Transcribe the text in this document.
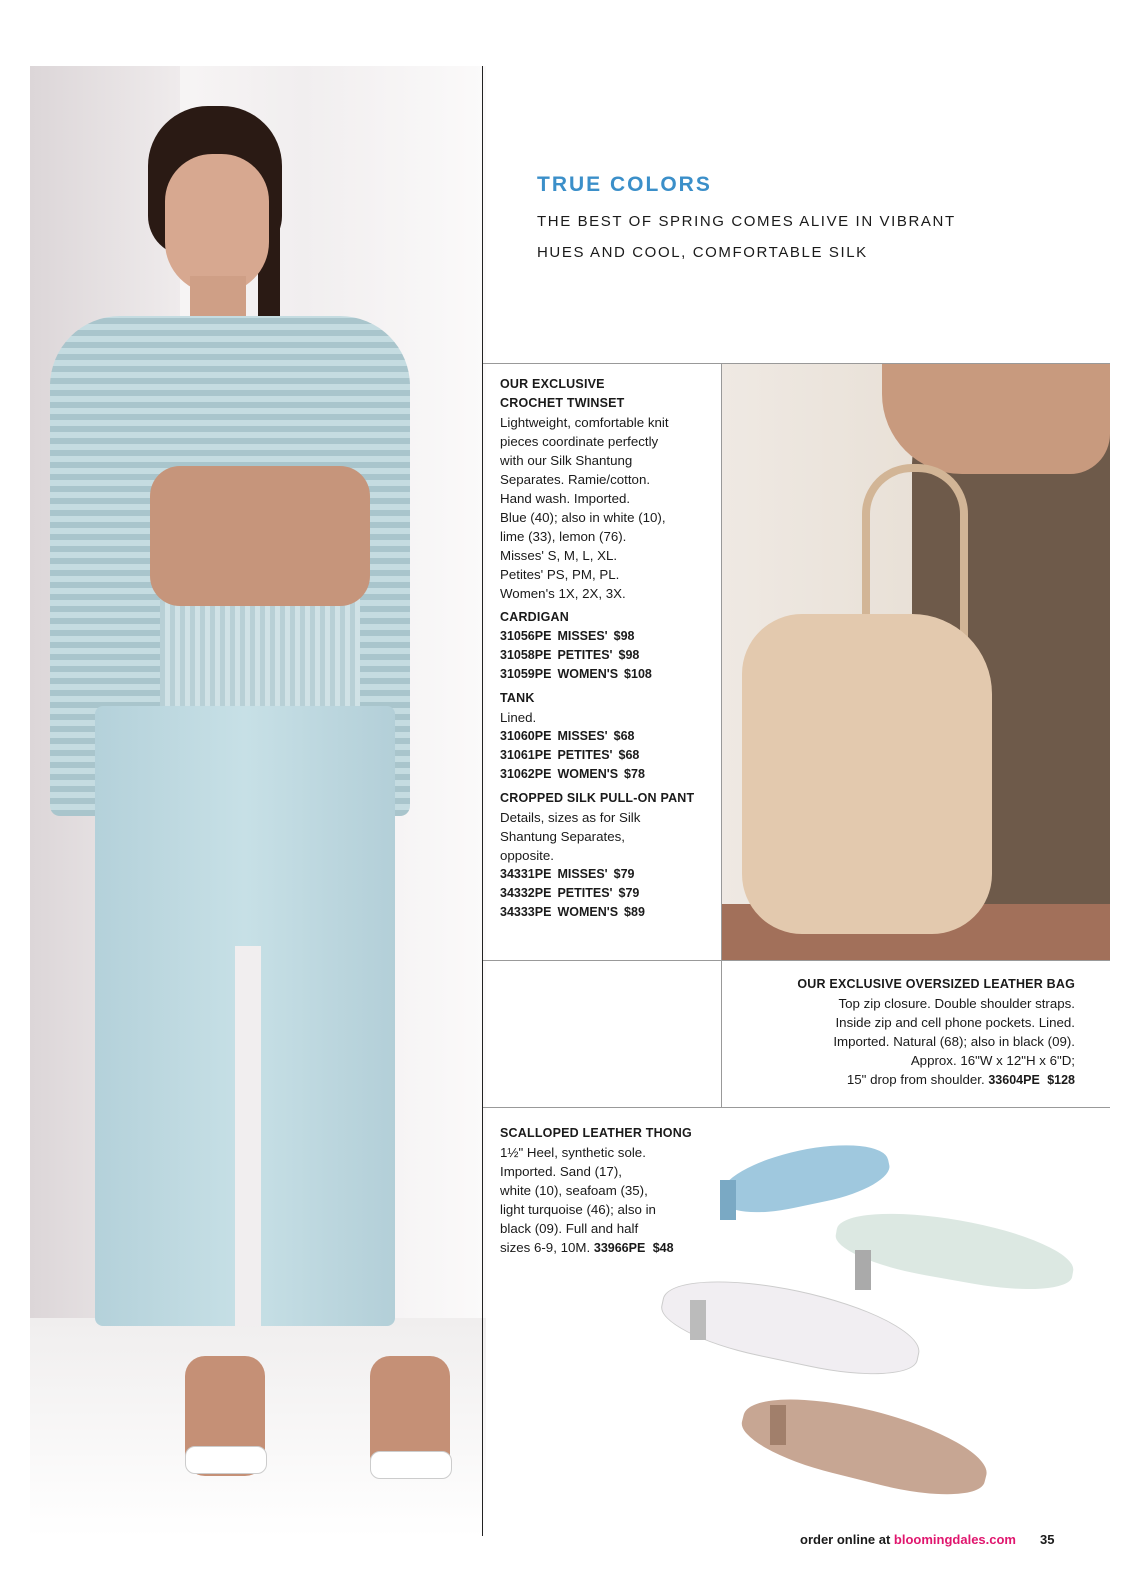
TRUE COLORS
THE BEST OF SPRING COMES ALIVE IN VIBRANT
HUES AND COOL, COMFORTABLE SILK
OUR EXCLUSIVE
CROCHET TWINSET
Lightweight, comfortable knit
pieces coordinate perfectly
with our Silk Shantung
Separates. Ramie/cotton.
Hand wash. Imported.
Blue (40); also in white (10),
lime (33), lemon (76).
Misses' S, M, L, XL.
Petites' PS, PM, PL.
Women's 1X, 2X, 3X.
CARDIGAN
31056PE MISSES' $98
31058PE PETITES' $98
31059PE WOMEN'S $108
TANK
Lined.
31060PE MISSES' $68
31061PE PETITES' $68
31062PE WOMEN'S $78
CROPPED SILK PULL-ON PANT
Details, sizes as for Silk
Shantung Separates,
opposite.
34331PE MISSES' $79
34332PE PETITES' $79
34333PE WOMEN'S $89
OUR EXCLUSIVE OVERSIZED LEATHER BAG
Top zip closure. Double shoulder straps.
Inside zip and cell phone pockets. Lined.
Imported. Natural (68); also in black (09).
Approx. 16"W x 12"H x 6"D;
15" drop from shoulder. 33604PE $128
SCALLOPED LEATHER THONG
1½" Heel, synthetic sole.
Imported. Sand (17),
white (10), seafoam (35),
light turquoise (46); also in
black (09). Full and half
sizes 6-9, 10M. 33966PE $48
order online at bloomingdales.com 35
